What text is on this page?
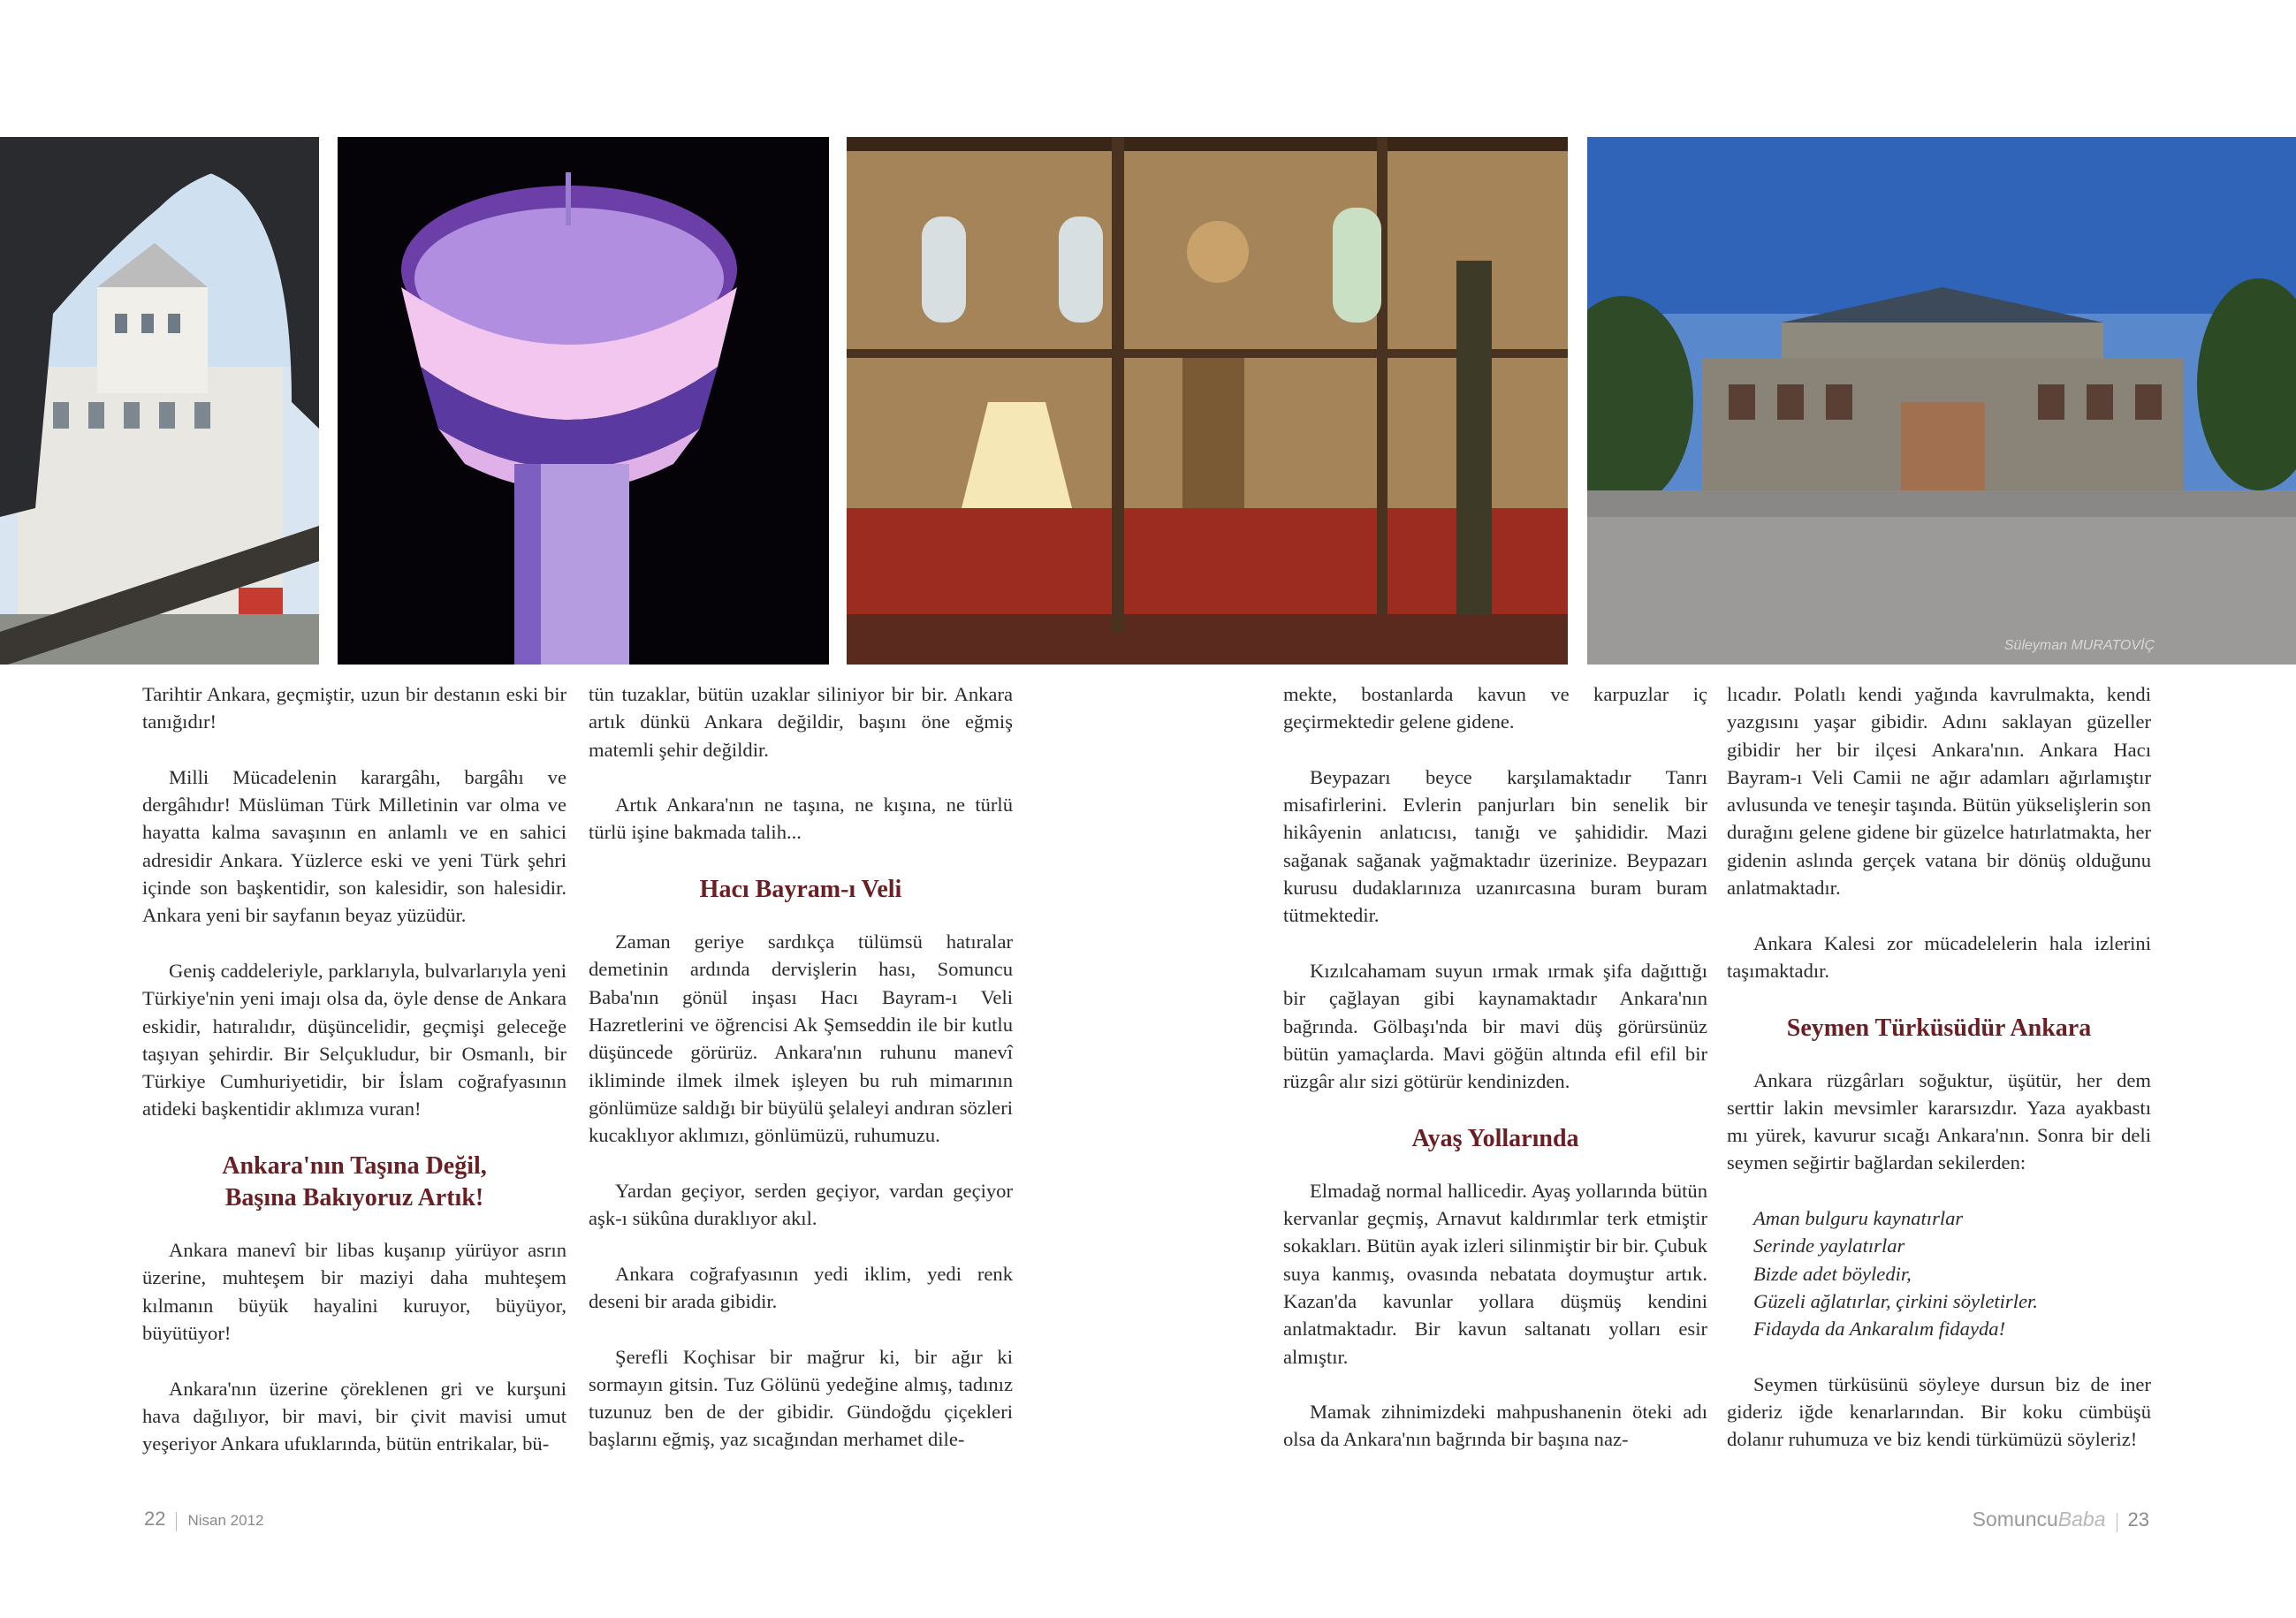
Süleyman MURATOVİÇ

Tarihtir Ankara, geçmiştir, uzun bir destanın eski bir tanığıdır!

Milli Mücadelenin karargâhı, bargâhı ve dergâhıdır! Müslüman Türk Milletinin var olma ve hayatta kalma savaşının en anlamlı ve en sahici adresidir Ankara. Yüzlerce eski ve yeni Türk şehri içinde son başkentidir, son kalesidir, son halesidir. Ankara yeni bir sayfanın beyaz yüzüdür.

Geniş caddeleriyle, parklarıyla, bulvarlarıyla yeni Türkiye'nin yeni imajı olsa da, öyle dense de Ankara eskidir, hatıralıdır, düşüncelidir, geçmişi geleceğe taşıyan şehirdir. Bir Selçukludur, bir Osmanlı, bir Türkiye Cumhuriyetidir, bir İslam coğrafyasının atideki başkentidir aklımıza vuran!

Ankara'nın Taşına Değil,
Başına Bakıyoruz Artık!

Ankara manevî bir libas kuşanıp yürüyor asrın üzerine, muhteşem bir maziyi daha muhteşem kılmanın büyük hayalini kuruyor, büyüyor, büyütüyor!

Ankara'nın üzerine çöreklenen gri ve kurşuni hava dağılıyor, bir mavi, bir çivit mavisi umut yeşeriyor Ankara ufuklarında, bütün entrikalar, bü-

tün tuzaklar, bütün uzaklar siliniyor bir bir. Ankara artık dünkü Ankara değildir, başını öne eğmiş matemli şehir değildir.

Artık Ankara'nın ne taşına, ne kışına, ne türlü türlü işine bakmada talih...

Hacı Bayram-ı Veli

Zaman geriye sardıkça tülümsü hatıralar demetinin ardında dervişlerin hası, Somuncu Baba'nın gönül inşası Hacı Bayram-ı Veli Hazretlerini ve öğrencisi Ak Şemseddin ile bir kutlu düşüncede görürüz. Ankara'nın ruhunu manevî ikliminde ilmek ilmek işleyen bu ruh mimarının gönlümüze saldığı bir büyülü şelaleyi andıran sözleri kucaklıyor aklımızı, gönlümüzü, ruhumuzu.

Yardan geçiyor, serden geçiyor, vardan geçiyor aşk-ı sükûna duraklıyor akıl.

Ankara coğrafyasının yedi iklim, yedi renk deseni bir arada gibidir.

Şerefli Koçhisar bir mağrur ki, bir ağır ki sormayın gitsin. Tuz Gölünü yedeğine almış, tadınız tuzunuz ben de der gibidir. Gündoğdu çiçekleri başlarını eğmiş, yaz sıcağından merhamet dile-

mekte, bostanlarda kavun ve karpuzlar iç geçirmektedir gelene gidene.

Beypazarı beyce karşılamaktadır Tanrı misafirlerini. Evlerin panjurları bin senelik bir hikâyenin anlatıcısı, tanığı ve şahididir. Mazi sağanak sağanak yağmaktadır üzerinize. Beypazarı kurusu dudaklarınıza uzanırcasına buram buram tütmektedir.

Kızılcahamam suyun ırmak ırmak şifa dağıttığı bir çağlayan gibi kaynamaktadır Ankara'nın bağrında. Gölbaşı'nda bir mavi düş görürsünüz bütün yamaçlarda. Mavi göğün altında efil efil bir rüzgâr alır sizi götürür kendinizden.

Ayaş Yollarında

Elmadağ normal hallicedir. Ayaş yollarında bütün kervanlar geçmiş, Arnavut kaldırımlar terk etmiştir sokakları. Bütün ayak izleri silinmiştir bir bir. Çubuk suya kanmış, ovasında nebatata doymuştur artık. Kazan'da kavunlar yollara düşmüş kendini anlatmaktadır. Bir kavun saltanatı yolları esir almıştır.

Mamak zihnimizdeki mahpushanenin öteki adı olsa da Ankara'nın bağrında bir başına naz-

lıcadır. Polatlı kendi yağında kavrulmakta, kendi yazgısını yaşar gibidir. Adını saklayan güzeller gibidir her bir ilçesi Ankara'nın. Ankara Hacı Bayram-ı Veli Camii ne ağır adamları ağırlamıştır avlusunda ve teneşir taşında. Bütün yükselişlerin son durağını gelene gidene bir güzelce hatırlatmakta, her gidenin aslında gerçek vatana bir dönüş olduğunu anlatmaktadır.

Ankara Kalesi zor mücadelelerin hala izlerini taşımaktadır.

Seymen Türküsüdür Ankara

Ankara rüzgârları soğuktur, üşütür, her dem serttir lakin mevsimler kararsızdır. Yaza ayakbastı mı yürek, kavurur sıcağı Ankara'nın. Sonra bir deli seymen seğirtir bağlardan sekilerden:

Aman bulguru kaynatırlar
Serinde yaylatırlar
Bizde adet böyledir,
Güzeli ağlatırlar, çirkini söyletirler.
Fidayda da Ankaralım fidayda!

Seymen türküsünü söyleye dursun biz de iner gideriz iğde kenarlarından. Bir koku cümbüşü dolanır ruhumuza ve biz kendi türkümüzü söyleriz!

22 Nisan 2012	SomuncuBaba 23
